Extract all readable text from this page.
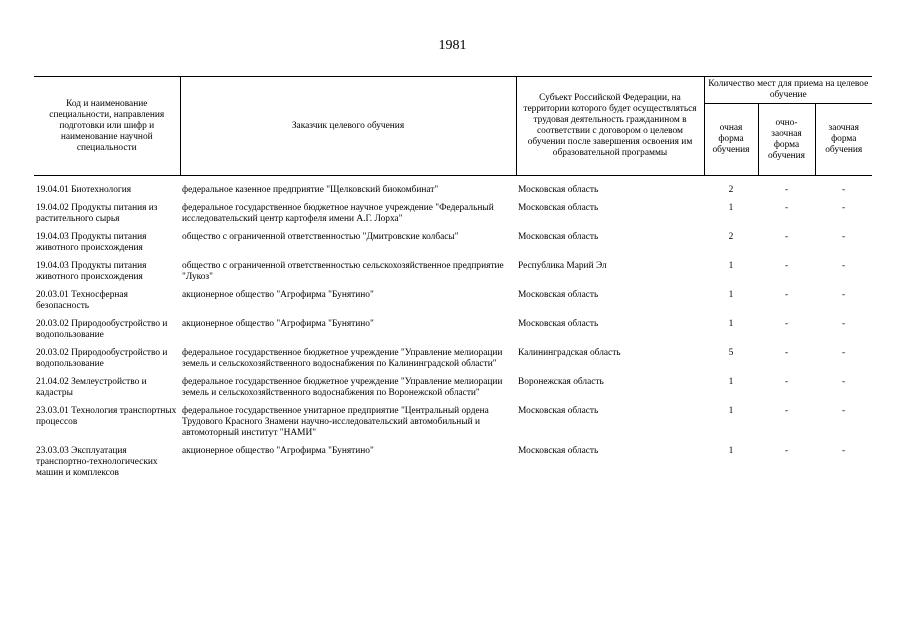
1981
Код и наименование специальности, направления подготовки или шифр и наименование научной специальности	Заказчик целевого обучения	Субъект Российской Федерации, на территории которого будет осуществляться трудовая деятельность гражданином в соответствии с договором о целевом обучении после завершения освоения им образовательной программы	Количество мест для приема на целевое обучение		
			очная форма обучения	очно-заочная форма обучения	заочная форма обучения

19.04.01 Биотехнология	федеральное казенное предприятие "Щелковский биокомбинат"	Московская область	2	-	-
19.04.02 Продукты питания из растительного сырья	федеральное государственное бюджетное научное учреждение "Федеральный исследовательский центр картофеля имени А.Г. Лорха"	Московская область	1	-	-
19.04.03 Продукты питания животного происхождения	общество с ограниченной ответственностью "Дмитровские колбасы"	Московская область	2	-	-
19.04.03 Продукты питания животного происхождения	общество с ограниченной ответственностью сельскохозяйственное предприятие "Лукоз"	Республика Марий Эл	1	-	-
20.03.01 Техносферная безопасность	акционерное общество "Агрофирма "Бунятино"	Московская область	1	-	-
20.03.02 Природообустройство и водопользование	акционерное общество "Агрофирма "Бунятино"	Московская область	1	-	-
20.03.02 Природообустройство и водопользование	федеральное государственное бюджетное учреждение "Управление мелиорации земель и сельскохозяйственного водоснабжения по Калининградской области"	Калининградская область	5	-	-
21.04.02 Землеустройство и кадастры	федеральное государственное бюджетное учреждение "Управление мелиорации земель и сельскохозяйственного водоснабжения по Воронежской области"	Воронежская область	1	-	-
23.03.01 Технология транспортных процессов	федеральное государственное унитарное предприятие "Центральный ордена Трудового Красного Знамени научно-исследовательский автомобильный и автомоторный институт "НАМИ"	Московская область	1	-	-
23.03.03 Эксплуатация транспортно-технологических машин и комплексов	акционерное общество "Агрофирма "Бунятино"	Московская область	1	-	-
